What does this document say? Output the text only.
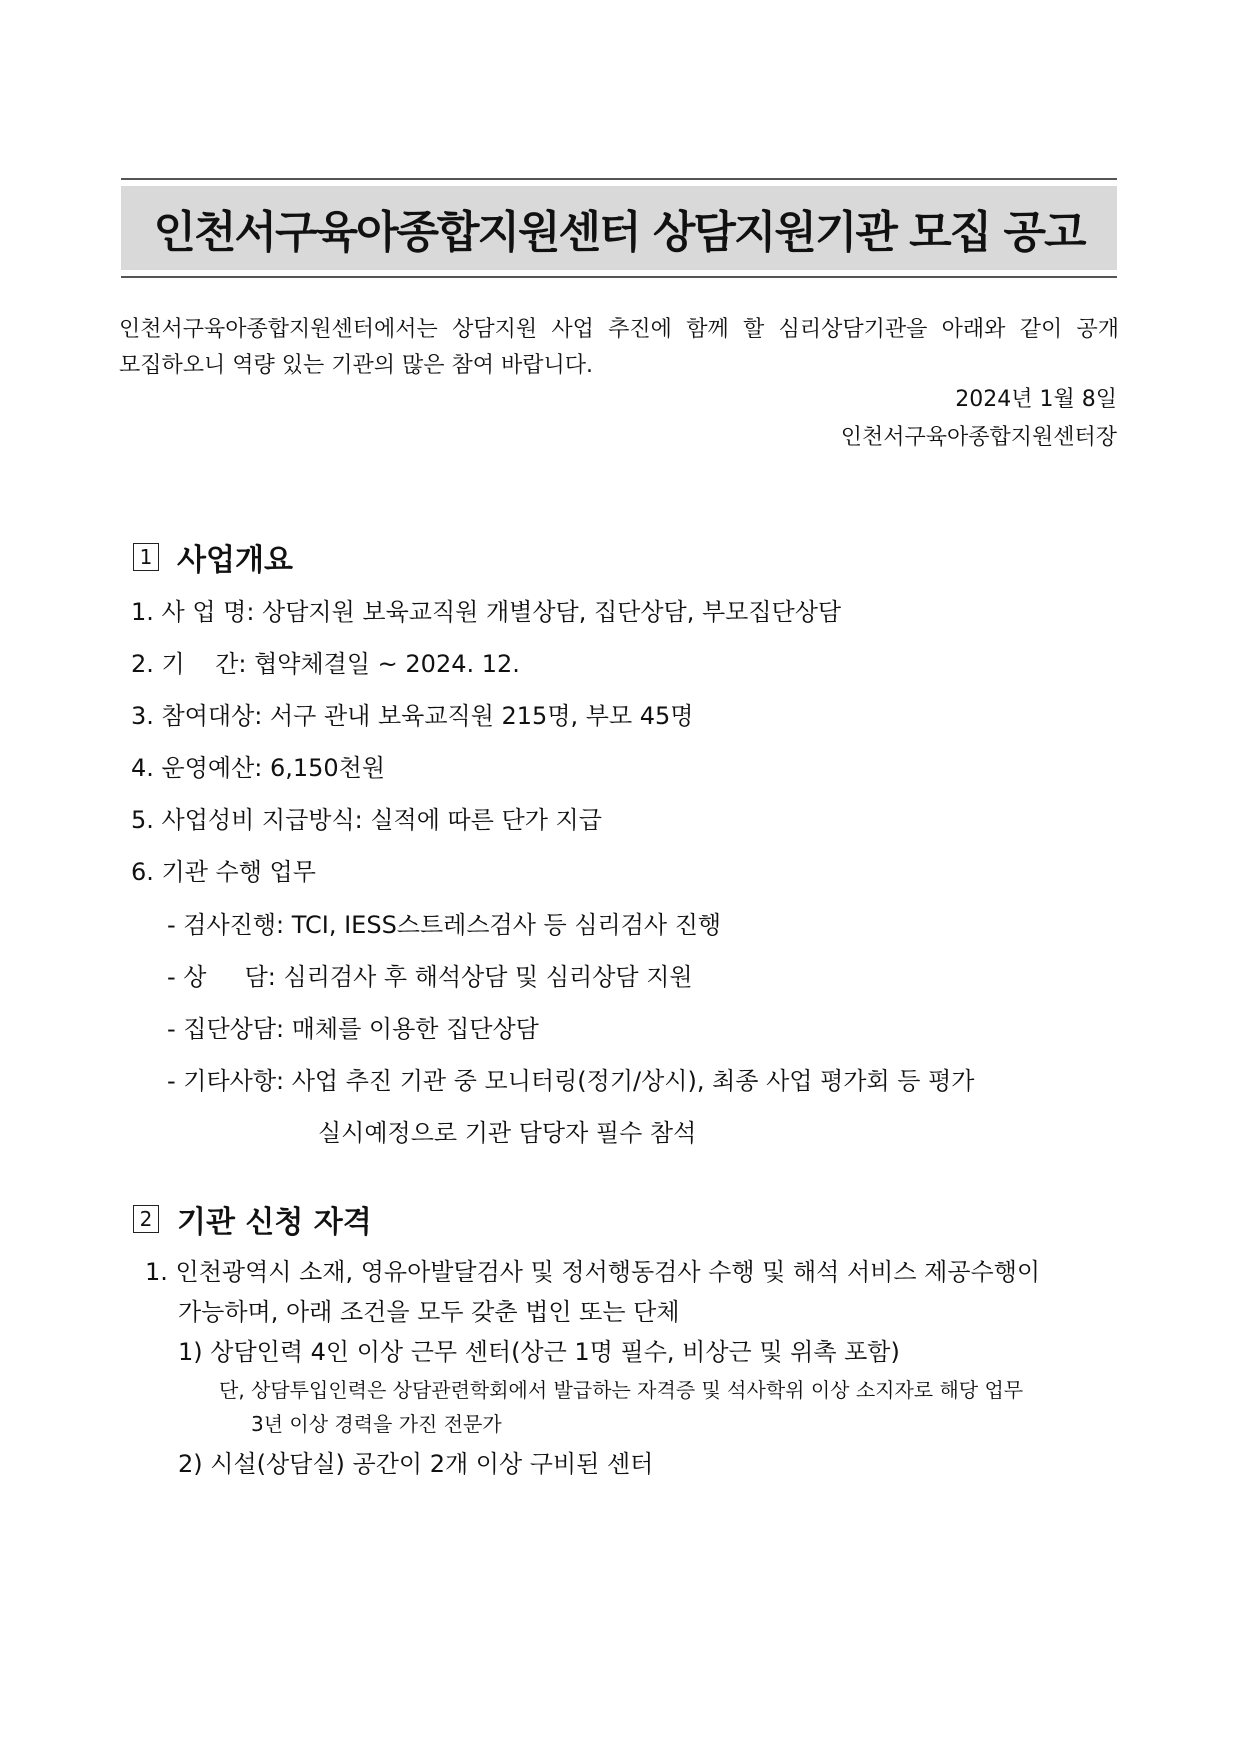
인천서구육아종합지원센터 상담지원기관 모집 공고

인천서구육아종합지원센터에서는 상담지원 사업 추진에 함께 할 심리상담기관을 아래와 같이 공개

모집하오니 역량 있는 기관의 많은 참여 바랍니다.

2024년 1월 8일
인천서구육아종합지원센터장
1 사업개요
1. 사 업 명: 상담지원 보육교직원 개별상담, 집단상담, 부모집단상담
2. 기    간: 협약체결일 ~ 2024. 12.
3. 참여대상: 서구 관내 보육교직원 215명, 부모 45명
4. 운영예산: 6,150천원
5. 사업성비 지급방식: 실적에 따른 단가 지급
6. 기관 수행 업무
- 검사진행: TCI, IESS스트레스검사 등 심리검사 진행
- 상     담: 심리검사 후 해석상담 및 심리상담 지원
- 집단상담: 매체를 이용한 집단상담
- 기타사항: 사업 추진 기관 중 모니터링(정기/상시), 최종 사업 평가회 등 평가
실시예정으로 기관 담당자 필수 참석
2 기관 신청 자격
1. 인천광역시 소재, 영유아발달검사 및 정서행동검사 수행 및 해석 서비스 제공수행이
가능하며, 아래 조건을 모두 갖춘 법인 또는 단체
1) 상담인력 4인 이상 근무 센터(상근 1명 필수, 비상근 및 위촉 포함)
단, 상담투입인력은 상담관련학회에서 발급하는 자격증 및 석사학위 이상 소지자로 해당 업무
3년 이상 경력을 가진 전문가
2) 시설(상담실) 공간이 2개 이상 구비된 센터
